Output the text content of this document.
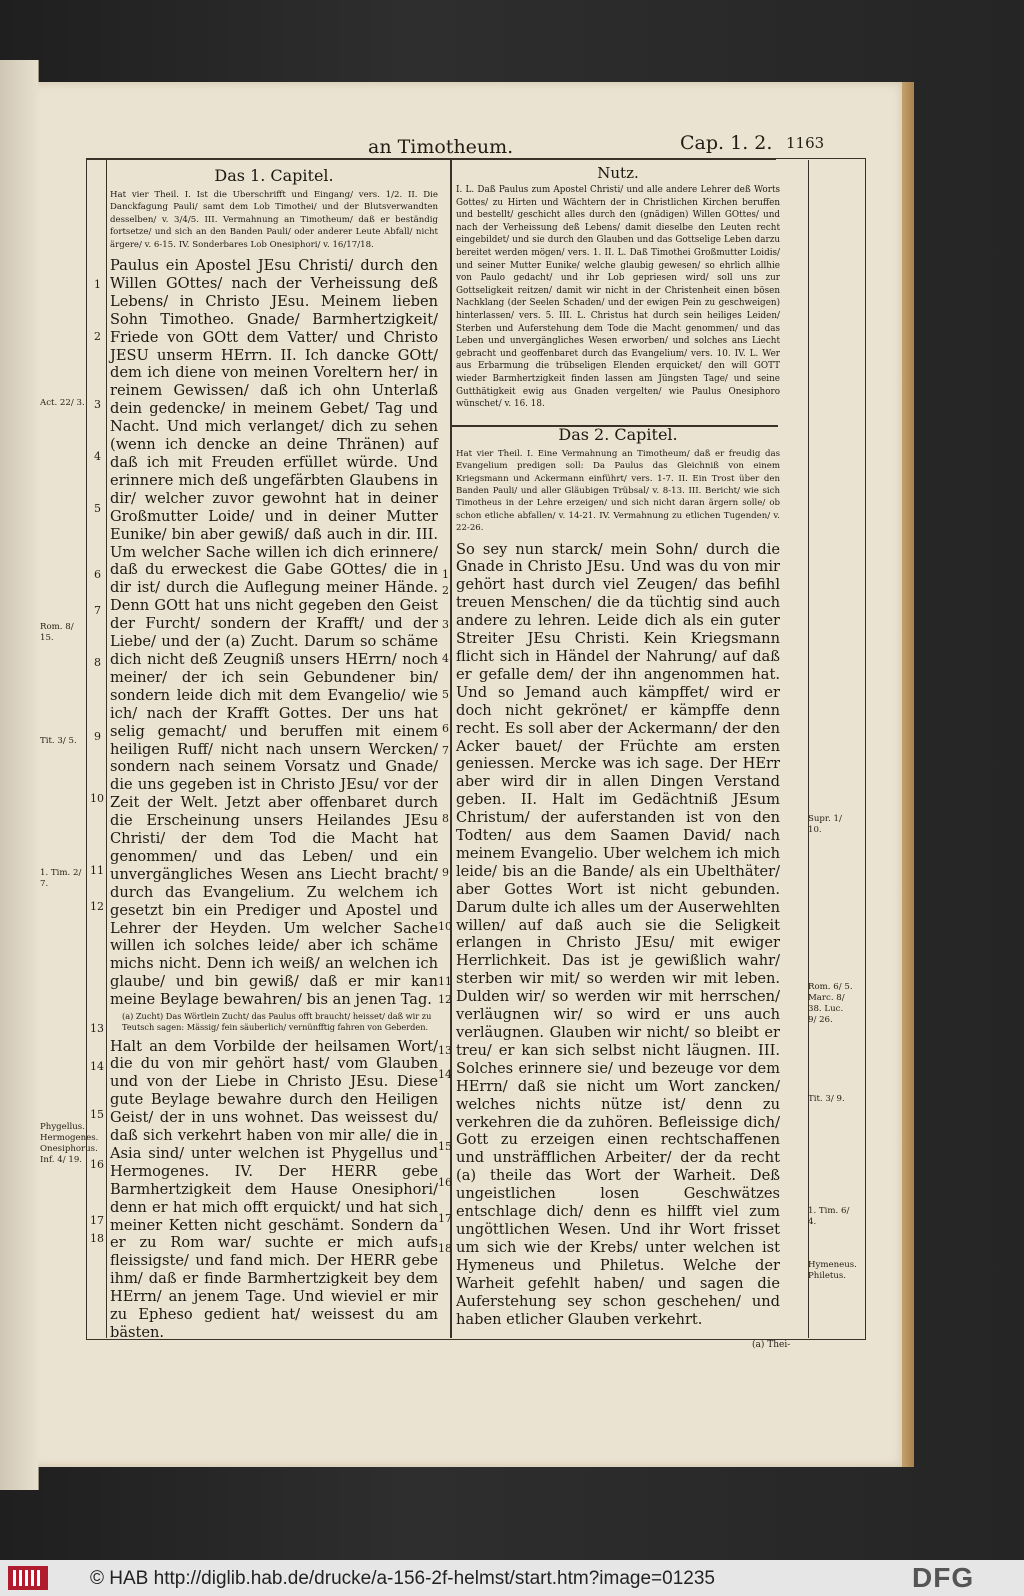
an Timotheum.	Cap. 1. 2. 1163
Das 1. Capitel.
Hat vier Theil. I. Ist die Uberschrifft und Eingang/ vers. 1/2. II. Die Danckfagung Pauli/ samt dem Lob Timothei/ und der Blutsverwandten desselben/ v. 3/4/5. III. Vermahnung an Timotheum/ daß er beständig fortsetze/ und sich an den Banden Pauli/ oder anderer Leute Abfall/ nicht ärgere/ v. 6-15. IV. Sonderbares Lob Onesiphori/ v. 16/17/18.
Paulus ein Apostel JEsu Christi/ durch den Willen GOttes/ nach der Verheissung deß Lebens/ in Christo JEsu. Meinem lieben Sohn Timotheo. Gnade/ Barmhertzigkeit/ Friede von GOtt dem Vatter/ und Christo JESU unserm HErrn. II. Ich dancke GOtt/ dem ich diene von meinen Voreltern her/ in reinem Gewissen/ daß ich ohn Unterlaß dein gedencke/ in meinem Gebet/ Tag und Nacht. Und mich verlanget/ dich zu sehen (wenn ich dencke an deine Thränen) auf daß ich mit Freuden erfüllet würde. Und erinnere mich deß ungefärbten Glaubens in dir/ welcher zuvor gewohnt hat in deiner Großmutter Loide/ und in deiner Mutter Eunike/ bin aber gewiß/ daß auch in dir. III. Um welcher Sache willen ich dich erinnere/ daß du erweckest die Gabe GOttes/ die in dir ist/ durch die Auflegung meiner Hände. Denn GOtt hat uns nicht gegeben den Geist der Furcht/ sondern der Krafft/ und der Liebe/ und der (a) Zucht. Darum so schäme dich nicht deß Zeugniß unsers HErrn/ noch meiner/ der ich sein Gebundener bin/ sondern leide dich mit dem Evangelio/ wie ich/ nach der Krafft Gottes. Der uns hat selig gemacht/ und beruffen mit einem heiligen Ruff/ nicht nach unsern Wercken/ sondern nach seinem Vorsatz und Gnade/ die uns gegeben ist in Christo JEsu/ vor der Zeit der Welt. Jetzt aber offenbaret durch die Erscheinung unsers Heilandes JEsu Christi/ der dem Tod die Macht hat genommen/ und das Leben/ und ein unvergängliches Wesen ans Liecht bracht/ durch das Evangelium. Zu welchem ich gesetzt bin ein Prediger und Apostel und Lehrer der Heyden. Um welcher Sache willen ich solches leide/ aber ich schäme michs nicht. Denn ich weiß/ an welchen ich glaube/ und bin gewiß/ daß er mir kan meine Beylage bewahren/ bis an jenen Tag.
(a) Zucht) Das Wörtlein Zucht/ das Paulus offt braucht/ heisset/ daß wir zu Teutsch sagen: Mässig/ fein säuberlich/ vernünfftig fahren von Geberden.
Halt an dem Vorbilde der heilsamen Wort/ die du von mir gehört hast/ vom Glauben und von der Liebe in Christo JEsu. Diese gute Beylage bewahre durch den Heiligen Geist/ der in uns wohnet. Das weissest du/ daß sich verkehrt haben von mir alle/ die in Asia sind/ unter welchen ist Phygellus und Hermogenes. IV. Der HERR gebe Barmhertzigkeit dem Hause Onesiphori/ denn er hat mich offt erquickt/ und hat sich meiner Ketten nicht geschämt. Sondern da er zu Rom war/ suchte er mich aufs fleissigste/ und fand mich. Der HERR gebe ihm/ daß er finde Barmhertzigkeit bey dem HErrn/ an jenem Tage. Und wieviel er mir zu Epheso gedient hat/ weissest du am bästen.
Nutz.
I. L. Daß Paulus zum Apostel Christi/ und alle andere Lehrer deß Worts Gottes/ zu Hirten und Wächtern der in Christlichen Kirchen beruffen und bestellt/ geschicht alles durch den (gnädigen) Willen GOttes/ und nach der Verheissung deß Lebens/ damit dieselbe den Leuten recht eingebildet/ und sie durch den Glauben und das Gottselige Leben darzu bereitet werden mögen/ vers. 1. II. L. Daß Timothei Großmutter Loidis/ und seiner Mutter Eunike/ welche glaubig gewesen/ so ehrlich allhie von Paulo gedacht/ und ihr Lob gepriesen wird/ soll uns zur Gottseligkeit reitzen/ damit wir nicht in der Christenheit einen bösen Nachklang (der Seelen Schaden/ und der ewigen Pein zu geschweigen) hinterlassen/ vers. 5. III. L. Christus hat durch sein heiliges Leiden/ Sterben und Auferstehung dem Tode die Macht genommen/ und das Leben und unvergängliches Wesen erworben/ und solches ans Liecht gebracht und geoffenbaret durch das Evangelium/ vers. 10. IV. L. Wer aus Erbarmung die trübseligen Elenden erquicket/ den will GOTT wieder Barmhertzigkeit finden lassen am Jüngsten Tage/ und seine Gutthätigkeit ewig aus Gnaden vergelten/ wie Paulus Onesiphoro wünschet/ v. 16. 18.
Das 2. Capitel.
Hat vier Theil. I. Eine Vermahnung an Timotheum/ daß er freudig das Evangelium predigen soll: Da Paulus das Gleichniß von einem Kriegsmann und Ackermann einführt/ vers. 1-7. II. Ein Trost über den Banden Pauli/ und aller Gläubigen Trübsal/ v. 8-13. III. Bericht/ wie sich Timotheus in der Lehre erzeigen/ und sich nicht daran ärgern solle/ ob schon etliche abfallen/ v. 14-21. IV. Vermahnung zu etlichen Tugenden/ v. 22-26.
So sey nun starck/ mein Sohn/ durch die Gnade in Christo JEsu. Und was du von mir gehört hast durch viel Zeugen/ das befihl treuen Menschen/ die da tüchtig sind auch andere zu lehren. Leide dich als ein guter Streiter JEsu Christi. Kein Kriegsmann flicht sich in Händel der Nahrung/ auf daß er gefalle dem/ der ihn angenommen hat. Und so Jemand auch kämpffet/ wird er doch nicht gekrönet/ er kämpffe denn recht. Es soll aber der Ackermann/ der den Acker bauet/ der Früchte am ersten geniessen. Mercke was ich sage. Der HErr aber wird dir in allen Dingen Verstand geben. II. Halt im Gedächtniß JEsum Christum/ der auferstanden ist von den Todten/ aus dem Saamen David/ nach meinem Evangelio. Uber welchem ich mich leide/ bis an die Bande/ als ein Ubelthäter/ aber Gottes Wort ist nicht gebunden. Darum dulte ich alles um der Auserwehlten willen/ auf daß auch sie die Seligkeit erlangen in Christo JEsu/ mit ewiger Herrlichkeit. Das ist je gewißlich wahr/ sterben wir mit/ so werden wir mit leben. Dulden wir/ so werden wir mit herrschen/ verläugnen wir/ so wird er uns auch verläugnen. Glauben wir nicht/ so bleibt er treu/ er kan sich selbst nicht läugnen. III. Solches erinnere sie/ und bezeuge vor dem HErrn/ daß sie nicht um Wort zancken/ welches nichts nütze ist/ denn zu verkehren die da zuhören. Befleissige dich/ Gott zu erzeigen einen rechtschaffenen und unsträfflichen Arbeiter/ der da recht (a) theile das Wort der Warheit. Deß ungeistlichen losen Geschwätzes entschlage dich/ denn es hilfft viel zum ungöttlichen Wesen. Und ihr Wort frisset um sich wie der Krebs/ unter welchen ist Hymeneus und Philetus. Welche der Warheit gefehlt haben/ und sagen die Auferstehung sey schon geschehen/ und haben etlicher Glauben verkehrt.
(a) Thei-
1
2
3
4
5
6
7
8
9
10
11
12
13
14
15
16
17
18
1
2
3
4
5
6
7
8
9
10
11
12
13
14
15
16
17
18
Act. 22/ 3.
Rom. 8/ 15.
Tit. 3/ 5.
1. Tim. 2/ 7.
Phygellus. Hermogenes. Onesiphorus. Inf. 4/ 19.
Supr. 1/ 10.
Rom. 6/ 5. Marc. 8/ 38. Luc. 9/ 26.
Tit. 3/ 9.
1. Tim. 6/ 4.
Hymeneus. Philetus.
© HAB http://diglib.hab.de/drucke/a-156-2f-helmst/start.htm?image=01235	DFG
